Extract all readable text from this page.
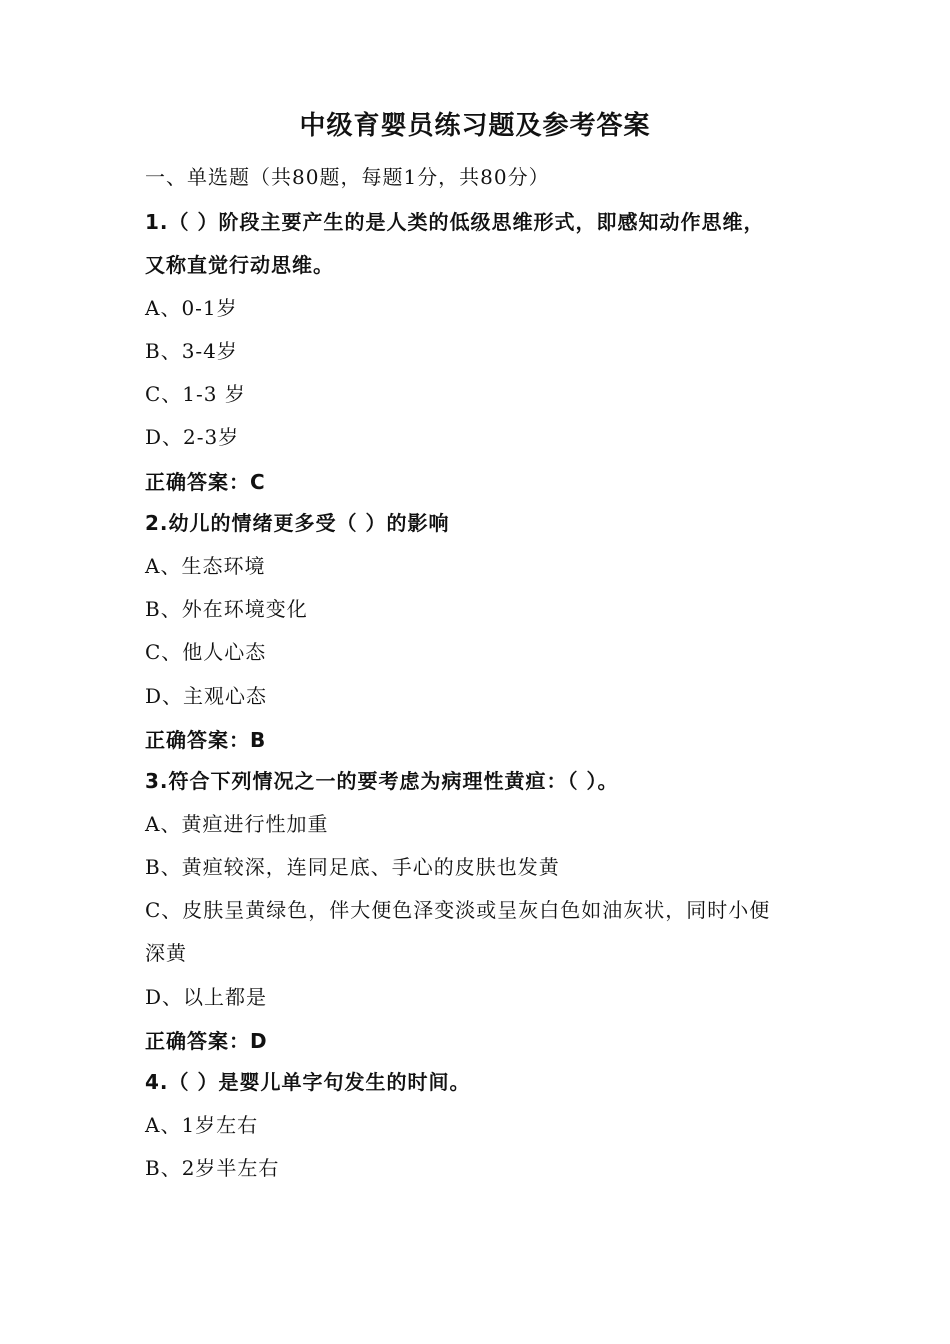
中级育婴员练习题及参考答案
一、单选题（共80题，每题1分，共80分）
1.（ ）阶段主要产生的是人类的低级思维形式，即感知动作思维，
又称直觉行动思维。
A、0-1岁
B、3-4岁
C、1-3 岁
D、2-3岁
正确答案：C
2.幼儿的情绪更多受（ ）的影响
A、生态环境
B、外在环境变化
C、他人心态
D、主观心态
正确答案：B
3.符合下列情况之一的要考虑为病理性黄疸：（ ）。
A、黄疸进行性加重
B、黄疸较深，连同足底、手心的皮肤也发黄
C、皮肤呈黄绿色，伴大便色泽变淡或呈灰白色如油灰状，同时小便
深黄
D、以上都是
正确答案：D
4.（ ）是婴儿单字句发生的时间。
A、1岁左右
B、2岁半左右
